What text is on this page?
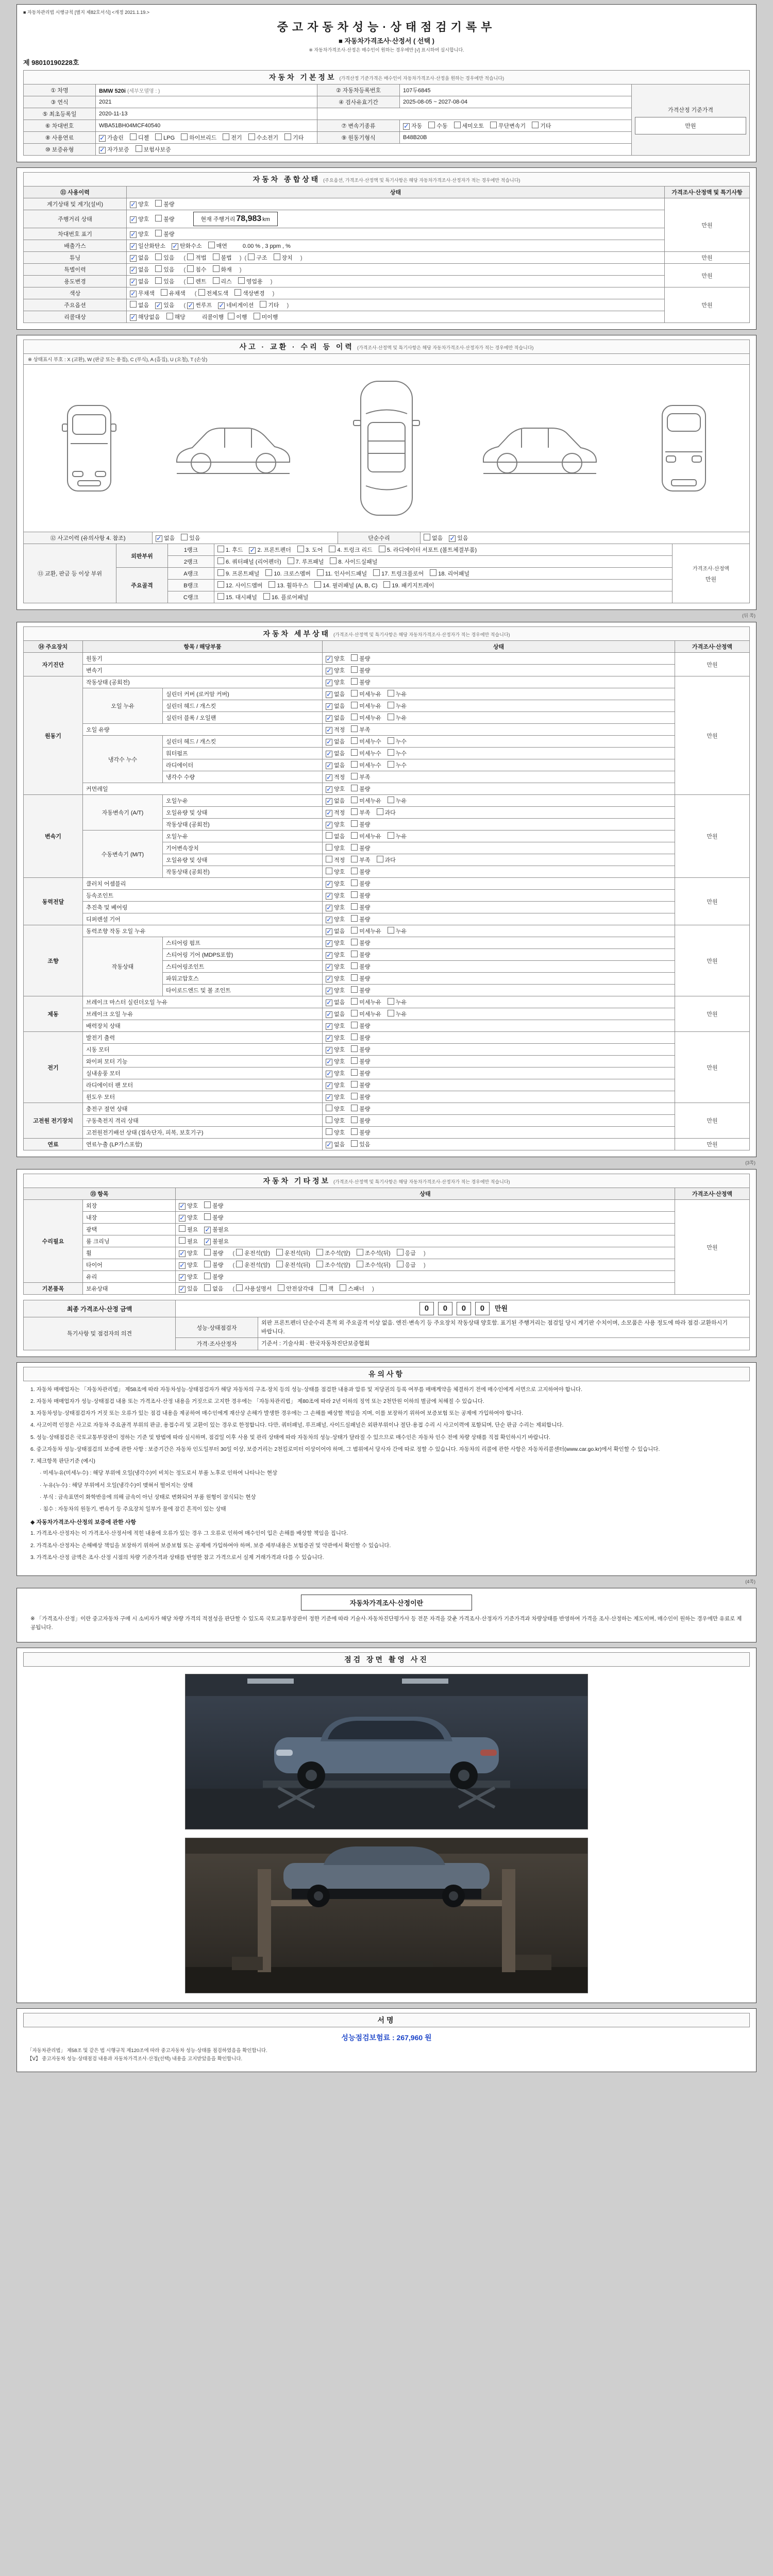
■ 자동차관리법 시행규칙 [별지 제82호서식] <개정 2021.1.19.>
중고자동차성능·상태점검기록부
■ 자동차가격조사·산정서 ( 선택 )
※ 자동차가격조사·산정은 매수인이 원하는 경우에만 [√] 표시하여 실시합니다.
제 98010190228호
자동차 기본정보 (가격산정 기준가격은 매수인이 자동차가격조사·산정을 원하는 경우에만 적습니다)				
① 차명	BMW 520i (세부모델명 : )	② 자동차등록번호	107두6845	가격산정 기준가격
만원

③ 연식	2021	④ 검사유효기간	2025-08-05 ~ 2027-08-04	
⑤ 최초등록일	2020-11-13			
⑥ 차대번호	WBA51BH04MCF40540	⑦ 변속기종류	✓ 자동 수동 세미오토 무단변속기 기타	
⑧ 사용연료	✓ 가솔린 디젤 LPG 하이브리드 전기 수소전기 기타	⑨ 원동기형식	B48B20B	
⑩ 보증유형	✓ 자가보증 보험사보증			
자동차 종합상태 (주요옵션, 가격조사·산정액 및 특기사항은 해당 자동차가격조사·산정자가 적는 경우에만 적습니다)		
⑪ 사용이력	상태	가격조사·산정액 및 특기사항
계기상태 및 계기(설비)	✓ 양호 불량	만원
주행거리 상태	✓ 양호 불량 현재 주행거리 78,983 km	
차대번호 표기	✓ 양호 불량	
배출가스	✓ 일산화탄소 ✓ 탄화수소 매연 0.00 % , 3 ppm , %	
튜닝	✓ 없음 있음 ( 적법 불법 ) ( 구조 장치 )	만원
특별이력	✓ 없음 있음 ( 침수 화재 )	만원
용도변경	✓ 없음 있음 ( 렌트 리스 영업용 )
색상	✓ 무채색 유채색 ( 전체도색 색상변경 )	만원
주요옵션	없음 ✓ 있음 ( ✓ 썬루프 ✓ 네비게이션 기타 )
리콜대상	✓ 해당없음 해당 리콜이행 이행 미이행	
사고 · 교환 · 수리 등 이력 (가격조사·산정액 및 특기사항은 해당 자동차가격조사·산정자가 적는 경우에만 적습니다)
※ 상태표시 부호 : X (교환), W (판금 또는 용접), C (부식), A (흠집), U (요철), T (손상)
⑫ 사고이력 (유의사항 4. 참조)	✓ 없음	있음	단순수리	없음 ✓ 있음
⑬ 교환, 판금 등 이상 부위	외판부위	1랭크	1. 후드 ✓ 2. 프론트펜더 3. 도어 4. 트렁크 리드 5. 라디에이터 서포트 (볼트체결부품)	가격조사·산정액
만원

		2랭크	6. 쿼터패널 (리어펜더) 7. 루프패널 8. 사이드실패널	
	주요골격	A랭크	9. 프론트패널 10. 크로스멤버 11. 인사이드패널 17. 트렁크플로어 18. 리어패널	
		B랭크	12. 사이드멤버 13. 휠하우스 14. 필러패널 (A, B, C) 19. 패키지트레이	
		C랭크	15. 대시패널 16. 플로어패널	
(뒤 쪽)
자동차 세부상태 (가격조사·산정액 및 특기사항은 해당 자동차가격조사·산정자가 적는 경우에만 적습니다)				
⑭ 주요장치	항목 / 해당부품		상태	가격조사·산정액
자기진단	원동기		✓ 양호 불량	만원
	변속기		✓ 양호 불량	
원동기	작동상태 (공회전)		✓ 양호 불량	만원
	오일 누유	실린더 커버 (로커암 커버)	✓ 없음 미세누유 누유	
		실린더 헤드 / 개스킷	✓ 없음 미세누유 누유	
		실린더 블록 / 오일팬	✓ 없음 미세누유 누유	
	오일 유량		✓ 적정 부족	
	냉각수 누수	실린더 헤드 / 개스킷	✓ 없음 미세누수 누수	
		워터펌프	✓ 없음 미세누수 누수	
		라디에이터	✓ 없음 미세누수 누수	
		냉각수 수량	✓ 적정 부족	
	커먼레일		✓ 양호 불량	
변속기	자동변속기 (A/T)	오일누유	✓ 없음 미세누유 누유	만원
		오일유량 및 상태	✓ 적정 부족 과다	
		작동상태 (공회전)	✓ 양호 불량	
	수동변속기 (M/T)	오일누유	없음 미세누유 누유	
		기어변속장치	양호 불량	
		오일유량 및 상태	적정 부족 과다	
		작동상태 (공회전)	양호 불량	
동력전달	클러치 어셈블리		✓ 양호 불량	만원
	등속조인트		✓ 양호 불량	
	추진축 및 베어링		✓ 양호 불량	
	디퍼렌셜 기어		✓ 양호 불량	
조향	동력조향 작동 오일 누유		✓ 없음 미세누유 누유	만원
	작동상태	스티어링 펌프	✓ 양호 불량	
		스티어링 기어 (MDPS포함)	✓ 양호 불량	
		스티어링조인트	✓ 양호 불량	
		파워고압호스	✓ 양호 불량	
		타이로드엔드 및 볼 조인트	✓ 양호 불량	
제동	브레이크 마스터 실린더오일 누유		✓ 없음 미세누유 누유	만원
	브레이크 오일 누유		✓ 없음 미세누유 누유	
	배력장치 상태		✓ 양호 불량	
전기	발전기 출력		✓ 양호 불량	만원
	시동 모터		✓ 양호 불량	
	와이퍼 모터 기능		✓ 양호 불량	
	실내송풍 모터		✓ 양호 불량	
	라디에이터 팬 모터		✓ 양호 불량	
	윈도우 모터		✓ 양호 불량	
고전원 전기장치	충전구 절연 상태		양호 불량	만원
	구동축전지 격리 상태		양호 불량	
	고전원전기배선 상태 (접속단자, 피복, 보호기구)		양호 불량	
연료	연료누출 (LP가스포함)		✓ 없음 있음	만원
(3쪽)
자동차 기타정보 (가격조사·산정액 및 특기사항은 해당 자동차가격조사·산정자가 적는 경우에만 적습니다)			
⑮ 항목		상태	가격조사·산정액
수리필요	외장	✓ 양호 불량	만원
	내장	✓ 양호 불량	
	광택	필요 ✓ 불필요	
	룸 크리닝	필요 ✓ 불필요	
	휠	✓ 양호 불량 ( 운전석(앞) 운전석(뒤) 조수석(앞) 조수석(뒤) 응급 )
	타이어	✓ 양호 불량 ( 운전석(앞) 운전석(뒤) 조수석(앞) 조수석(뒤) 응급 )
	유리	✓ 양호 불량	
기본품목	보유상태	✓ 있음 없음 ( 사용설명서 안전삼각대 잭 스패너 )
최종 가격조사·산정 금액	0 0 0 0 만원
특기사항 및 점검자의 의견	성능·상태점검자	외판 프론트펜더 단순수리 흔적 외 주요골격 이상 없음. 엔진·변속기 등 주요장치 작동상태 양호함. 표기된 주행거리는 점검일 당시 계기판 수치이며, 소모품은 사용 정도에 따라 점검·교환하시기 바랍니다.
	가격·조사산정자	기준서 : 기술사회 · 한국자동차진단보증협회
유의사항

1. 자동차 매매업자는 「자동차관리법」 제58조에 따라 자동차성능·상태점검자가 해당 자동차의 구조·장치 등의 성능·상태를 점검한 내용과 압류 및 저당권의 등록 여부를 매매계약을 체결하기 전에 매수인에게 서면으로 고지하여야 합니다.

2. 자동차 매매업자가 성능·상태점검 내용 또는 가격조사·산정 내용을 거짓으로 고지한 경우에는 「자동차관리법」 제80조에 따라 2년 이하의 징역 또는 2천만원 이하의 벌금에 처해질 수 있습니다.

3. 자동차성능·상태점검자가 거짓 또는 오류가 있는 점검 내용을 제공하여 매수인에게 재산상 손해가 발생한 경우에는 그 손해를 배상할 책임을 지며, 이를 보장하기 위하여 보증보험 또는 공제에 가입하여야 합니다.

4. 사고이력 인정은 사고로 자동차 주요골격 부위의 판금, 용접수리 및 교환이 있는 경우로 한정합니다. 다만, 쿼터패널, 루프패널, 사이드실패널은 외판부위이나 절단·용접 수리 시 사고이력에 포함되며, 단순 판금 수리는 제외합니다.

5. 성능·상태점검은 국토교통부장관이 정하는 기준 및 방법에 따라 실시하며, 점검일 이후 사용 및 관리 상태에 따라 자동차의 성능·상태가 달라질 수 있으므로 매수인은 자동차 인수 전에 차량 상태를 직접 확인하시기 바랍니다.

6. 중고자동차 성능·상태점검의 보증에 관한 사항 : 보증기간은 자동차 인도일부터 30일 이상, 보증거리는 2천킬로미터 이상이어야 하며, 그 범위에서 당사자 간에 따로 정할 수 있습니다. 자동차의 리콜에 관한 사항은 자동차리콜센터(www.car.go.kr)에서 확인할 수 있습니다.

7. 체크항목 판단기준 (예시)

· 미세누유(미세누수) : 해당 부위에 오일(냉각수)이 비치는 정도로서 부품 노후로 인하여 나타나는 현상

· 누유(누수) : 해당 부위에서 오일(냉각수)이 맺혀서 떨어지는 상태

· 부식 : 금속표면이 화학반응에 의해 금속이 아닌 상태로 변화되어 부품 원형이 잠식되는 현상

· 침수 : 자동차의 원동기, 변속기 등 주요장치 일부가 물에 잠긴 흔적이 있는 상태

◆ 자동차가격조사·산정의 보증에 관한 사항

1. 가격조사·산정자는 이 가격조사·산정서에 적힌 내용에 오류가 있는 경우 그 오류로 인하여 매수인이 입은 손해를 배상할 책임을 집니다.

2. 가격조사·산정자는 손해배상 책임을 보장하기 위하여 보증보험 또는 공제에 가입하여야 하며, 보증 세부내용은 보험증권 및 약관에서 확인할 수 있습니다.

3. 가격조사·산정 금액은 조사·산정 시점의 차량 기준가격과 상태를 반영한 참고 가격으로서 실제 거래가격과 다를 수 있습니다.

(4쪽)
자동차가격조사·산정이란
※ 「가격조사·산정」이란 중고자동차 구매 시 소비자가 해당 차량 가격의 적절성을 판단할 수 있도록 국토교통부장관이 정한 기준에 따라 기술사·자동차진단평가사 등 전문 자격을 갖춘 가격조사·산정자가 기준가격과 차량상태를 반영하여 가격을 조사·산정하는 제도이며, 매수인이 원하는 경우에만 유료로 제공됩니다.
점검 장면 촬영 사진
서명
성능점검보험료 : 267,960 원
「자동차관리법」 제58조 및 같은 법 시행규칙 제120조에 따라 중고자동차 성능·상태를 점검하였음을 확인합니다.
【Ⅴ】 중고자동차 성능·상태점검 내용과 자동차가격조사·산정(선택) 내용을 고지받았음을 확인합니다.
